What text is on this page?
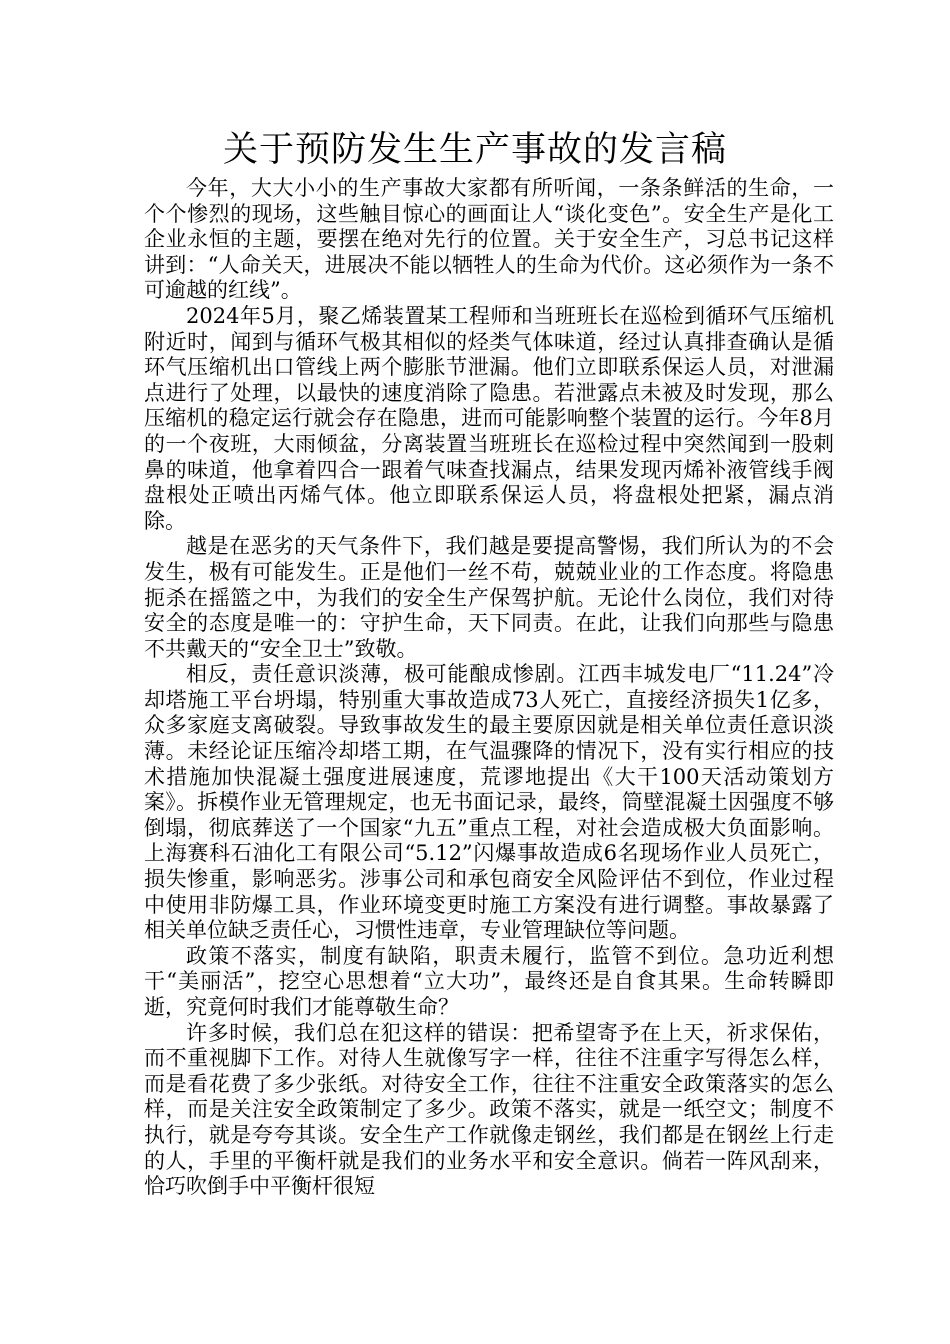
关于预防发生生产事故的发言稿

今年，大大小小的生产事故大家都有所听闻，一条条鲜活的生命，一个个惨烈的现场，这些触目惊心的画面让人“谈化变色”。安全生产是化工企业永恒的主题，要摆在绝对先行的位置。关于安全生产，习总书记这样讲到：“人命关天，进展决不能以牺牲人的生命为代价。这必须作为一条不可逾越的红线”。

2024年5月，聚乙烯装置某工程师和当班班长在巡检到循环气压缩机附近时，闻到与循环气极其相似的烃类气体味道，经过认真排查确认是循环气压缩机出口管线上两个膨胀节泄漏。他们立即联系保运人员，对泄漏点进行了处理，以最快的速度消除了隐患。若泄露点未被及时发现，那么压缩机的稳定运行就会存在隐患，进而可能影响整个装置的运行。今年8月的一个夜班，大雨倾盆，分离装置当班班长在巡检过程中突然闻到一股刺鼻的味道，他拿着四合一跟着气味查找漏点，结果发现丙烯补液管线手阀盘根处正喷出丙烯气体。他立即联系保运人员，将盘根处把紧，漏点消除。

越是在恶劣的天气条件下，我们越是要提高警惕，我们所认为的不会发生，极有可能发生。正是他们一丝不苟，兢兢业业的工作态度。将隐患扼杀在摇篮之中，为我们的安全生产保驾护航。无论什么岗位，我们对待安全的态度是唯一的：守护生命，天下同责。在此，让我们向那些与隐患不共戴天的“安全卫士”致敬。

相反，责任意识淡薄，极可能酿成惨剧。江西丰城发电厂“11.24”冷却塔施工平台坍塌，特别重大事故造成73人死亡，直接经济损失1亿多，众多家庭支离破裂。导致事故发生的最主要原因就是相关单位责任意识淡薄。未经论证压缩冷却塔工期，在气温骤降的情况下，没有实行相应的技术措施加快混凝土强度进展速度，荒谬地提出《大干100天活动策划方案》。拆模作业无管理规定，也无书面记录，最终，筒壁混凝土因强度不够倒塌，彻底葬送了一个国家“九五”重点工程，对社会造成极大负面影响。上海赛科石油化工有限公司“5.12”闪爆事故造成6名现场作业人员死亡，损失惨重，影响恶劣。涉事公司和承包商安全风险评估不到位，作业过程中使用非防爆工具，作业环境变更时施工方案没有进行调整。事故暴露了相关单位缺乏责任心，习惯性违章，专业管理缺位等问题。

政策不落实，制度有缺陷，职责未履行，监管不到位。急功近利想干“美丽活”，挖空心思想着“立大功”，最终还是自食其果。生命转瞬即逝，究竟何时我们才能尊敬生命？

许多时候，我们总在犯这样的错误：把希望寄予在上天，祈求保佑，而不重视脚下工作。对待人生就像写字一样，往往不注重字写得怎么样，而是看花费了多少张纸。对待安全工作，往往不注重安全政策落实的怎么样，而是关注安全政策制定了多少。政策不落实，就是一纸空文；制度不执行，就是夸夸其谈。安全生产工作就像走钢丝，我们都是在钢丝上行走的人，手里的平衡杆就是我们的业务水平和安全意识。倘若一阵风刮来，恰巧吹倒手中平衡杆很短
